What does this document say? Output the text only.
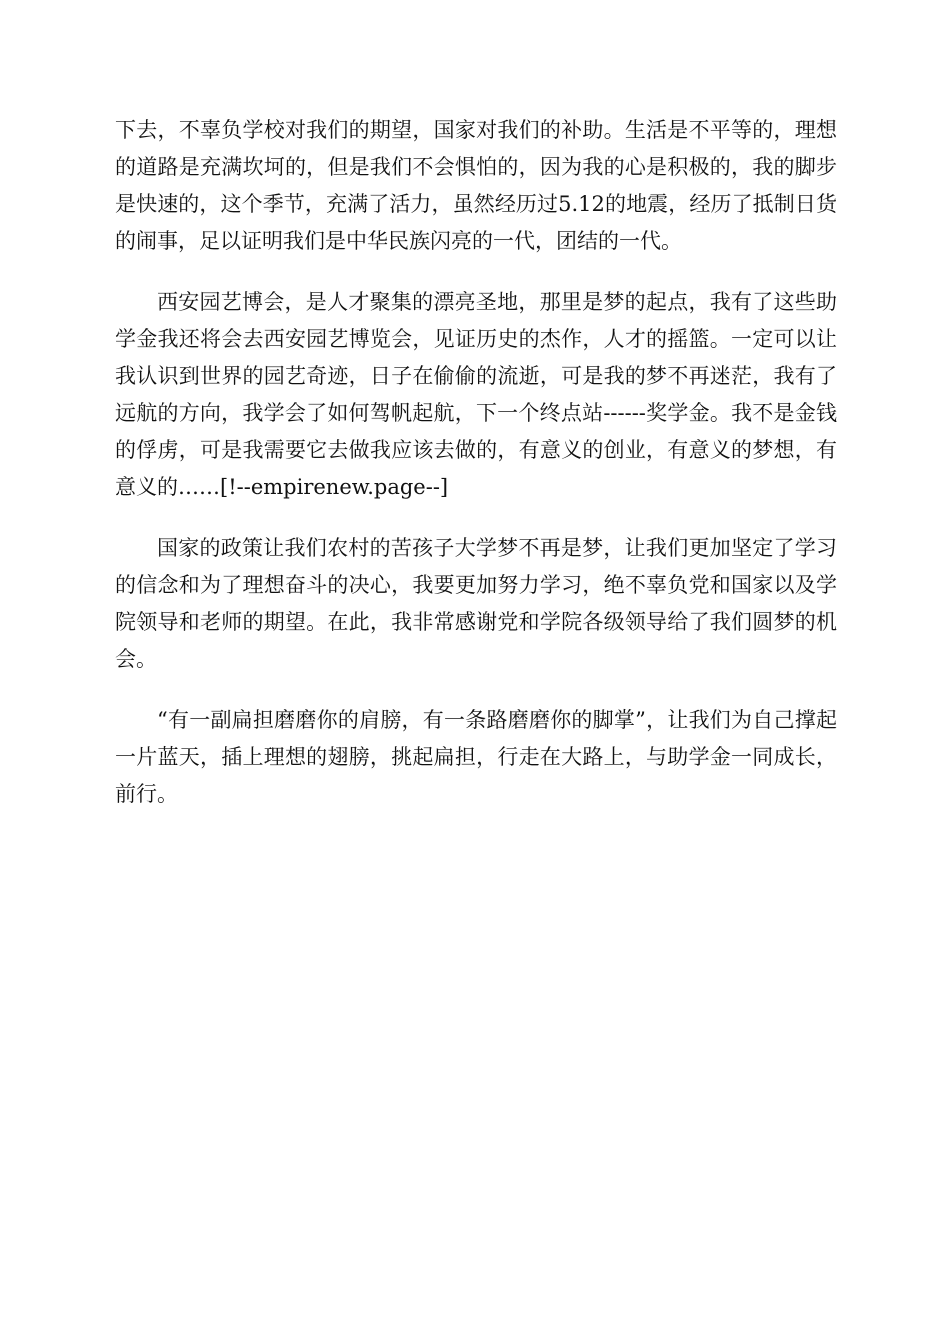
下去，不辜负学校对我们的期望，国家对我们的补助。生活是不平等的，理想的道路是充满坎坷的，但是我们不会惧怕的，因为我的心是积极的，我的脚步是快速的，这个季节，充满了活力，虽然经历过5.12的地震，经历了抵制日货的闹事，足以证明我们是中华民族闪亮的一代，团结的一代。

西安园艺博会，是人才聚集的漂亮圣地，那里是梦的起点，我有了这些助学金我还将会去西安园艺博览会，见证历史的杰作，人才的摇篮。一定可以让我认识到世界的园艺奇迹，日子在偷偷的流逝，可是我的梦不再迷茫，我有了远航的方向，我学会了如何驾帆起航，下一个终点站------奖学金。我不是金钱的俘虏，可是我需要它去做我应该去做的，有意义的创业，有意义的梦想，有意义的……[!--empirenew.page--]

国家的政策让我们农村的苦孩子大学梦不再是梦，让我们更加坚定了学习的信念和为了理想奋斗的决心，我要更加努力学习，绝不辜负党和国家以及学院领导和老师的期望。在此，我非常感谢党和学院各级领导给了我们圆梦的机会。

“有一副扁担磨磨你的肩膀，有一条路磨磨你的脚掌”，让我们为自己撑起一片蓝天，插上理想的翅膀，挑起扁担，行走在大路上，与助学金一同成长，前行。
